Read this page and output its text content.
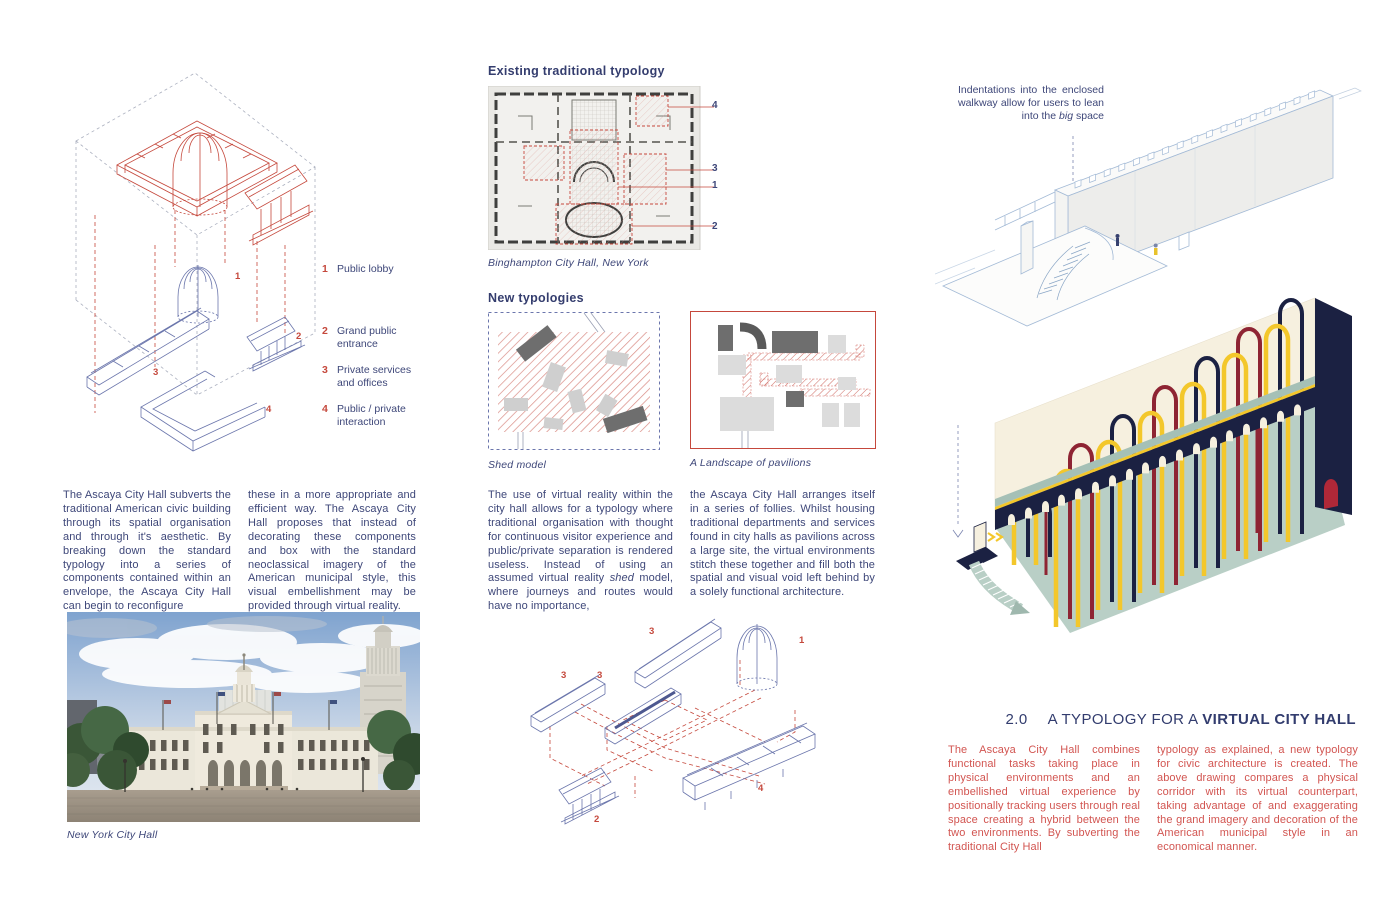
1
2
3
4
1 Public lobby
2 Grand public entrance
3 Private services and offices
4 Public / private interaction
The Ascaya City Hall subverts the traditional American civic building through its spatial organisation and through it's aesthetic. By breaking down the standard typology into a series of components contained within an envelope, the Ascaya City Hall can begin to reconfigure
these in a more appropriate and efficient way. The Ascaya City Hall proposes that instead of decorating these components and box with the standard neoclassical imagery of the American municipal style, this visual embellishment may be provided through virtual reality.
New York City Hall
Existing traditional typology
4
3
1
2
Binghampton City Hall, New York
New typologies
Shed model	A Landscape of pavilions
The use of virtual reality within the city hall allows for a typology where traditional organisation with thought for continuous visitor experience and public/private separation is rendered useless. Instead of using an assumed virtual reality shed model, where journeys and routes would have no importance,
the Ascaya City Hall arranges itself in a series of follies. Whilst housing traditional departments and services found in city halls as pavilions across a large site, the virtual environments stitch these together and fill both the spatial and visual void left behind by a solely functional architecture.
3
3	3
1
2
4
Indentations into the enclosed walkway allow for users to lean into the big space
2.0 A TYPOLOGY FOR A VIRTUAL CITY HALL
The Ascaya City Hall combines functional tasks taking place in physical environments and an embellished virtual experience by positionally tracking users through real space creating a hybrid between the two environments. By subverting the traditional City Hall
typology as explained, a new typology for civic architecture is created. The above drawing compares a physical corridor with its virtual counterpart, taking advantage of and exaggerating the grand imagery and decoration of the American municipal style in an economical manner.
